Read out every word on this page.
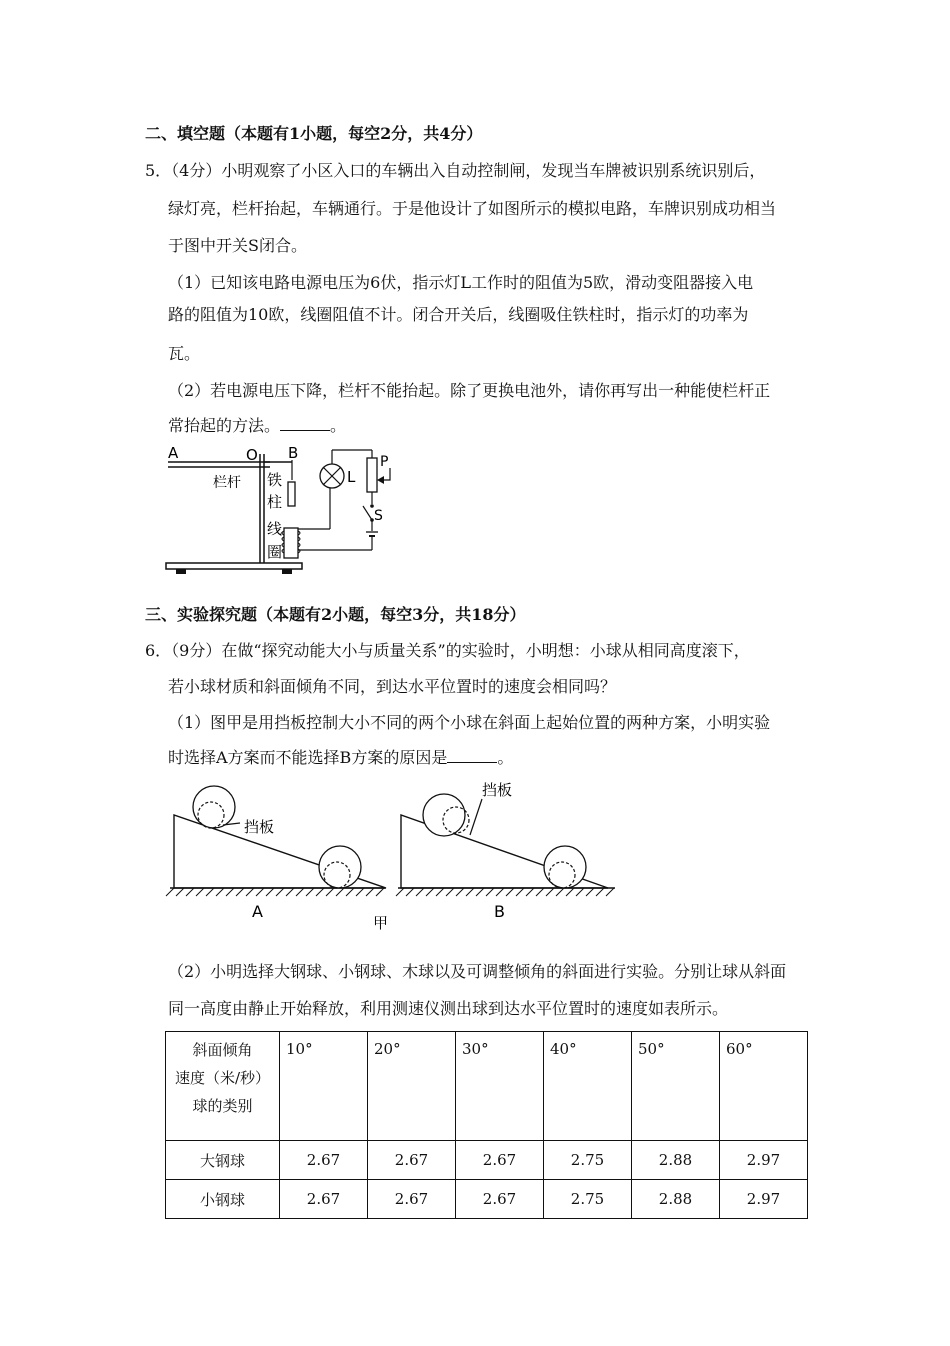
二、填空题（本题有1小题，每空2分，共4分）
5．（4分）小明观察了小区入口的车辆出入自动控制闸，发现当车牌被识别系统识别后，
绿灯亮，栏杆抬起，车辆通行。于是他设计了如图所示的模拟电路，车牌识别成功相当
于图中开关S闭合。
（1）已知该电路电源电压为6伏，指示灯L工作时的阻值为5欧，滑动变阻器接入电
路的阻值为10欧，线圈阻值不计。闭合开关后，线圈吸住铁柱时，指示灯的功率为
瓦。
（2）若电源电压下降，栏杆不能抬起。除了更换电池外，请你再写出一种能使栏杆正
常抬起的方法。	。
A	O B
栏杆 铁
柱
线
圈
L
P
S
三、实验探究题（本题有2小题，每空3分，共18分）
6．（9分）在做“探究动能大小与质量关系”的实验时，小明想：小球从相同高度滚下，
若小球材质和斜面倾角不同，到达水平位置时的速度会相同吗？
（1）图甲是用挡板控制大小不同的两个小球在斜面上起始位置的两种方案，小明实验
时选择A方案而不能选择B方案的原因是	。
挡板
挡板
A
甲
B
（2）小明选择大钢球、小钢球、木球以及可调整倾角的斜面进行实验。分别让球从斜面
同一高度由静止开始释放，利用测速仪测出球到达水平位置时的速度如表所示。
斜面倾角
速度（米/秒）
球的类别	10°	20°	30°	40°	50°	60°
大钢球	2.67	2.67	2.67	2.75	2.88	2.97
小钢球	2.67	2.67	2.67	2.75	2.88	2.97
